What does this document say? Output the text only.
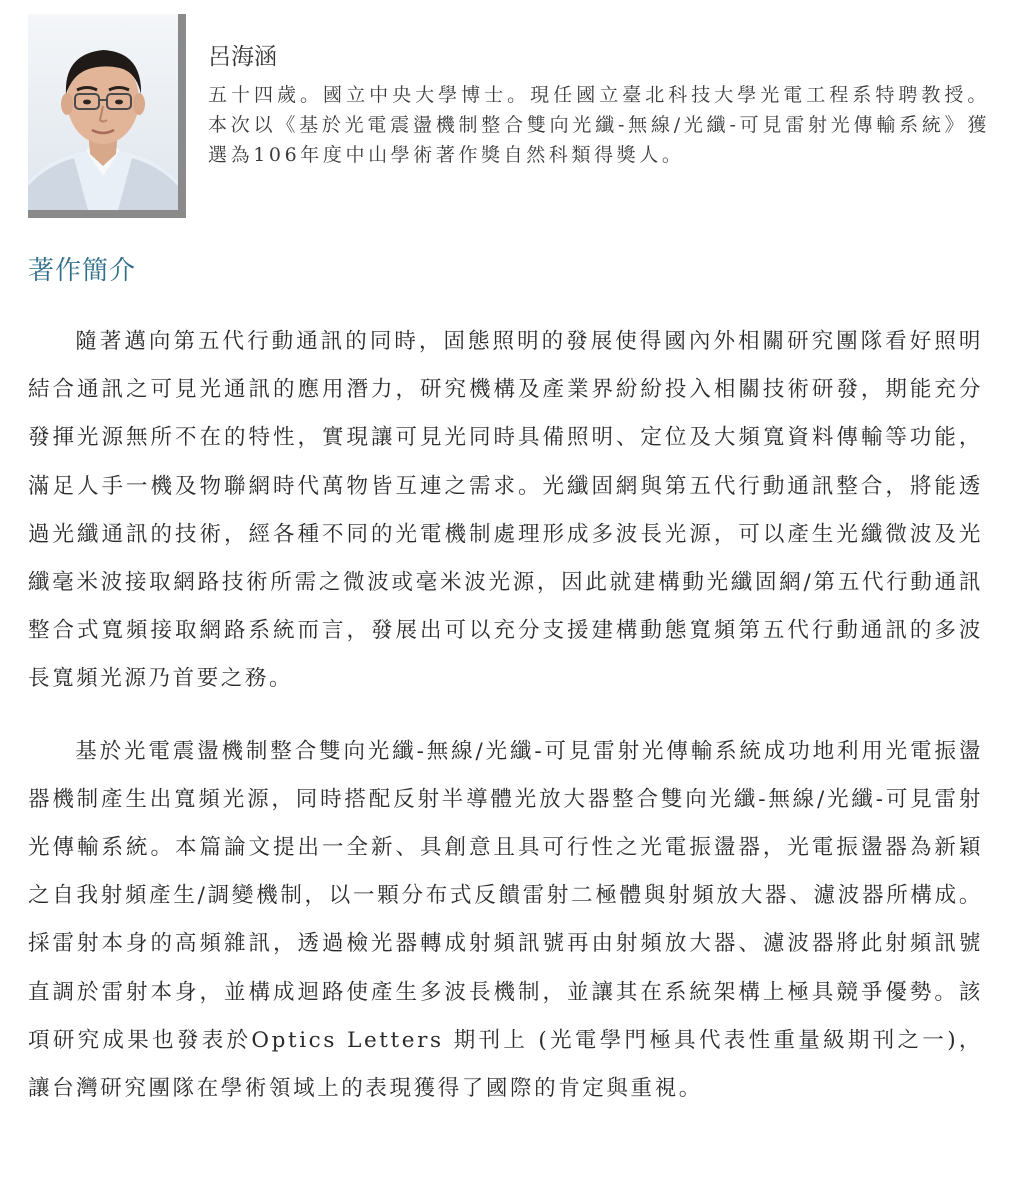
呂海涵

五十四歲。國立中央大學博士。現任國立臺北科技大學光電工程系特聘教授。本次以《基於光電震盪機制整合雙向光纖-無線/光纖-可見雷射光傳輸系統》獲選為106年度中山學術著作獎自然科類得獎人。

著作簡介

隨著邁向第五代行動通訊的同時，固態照明的發展使得國內外相關研究團隊看好照明結合通訊之可見光通訊的應用潛力，研究機構及產業界紛紛投入相關技術研發，期能充分發揮光源無所不在的特性，實現讓可見光同時具備照明、定位及大頻寬資料傳輸等功能，滿足人手一機及物聯網時代萬物皆互連之需求。光纖固網與第五代行動通訊整合，將能透過光纖通訊的技術，經各種不同的光電機制處理形成多波長光源，可以產生光纖微波及光纖毫米波接取網路技術所需之微波或毫米波光源，因此就建構動光纖固網/第五代行動通訊整合式寬頻接取網路系統而言，發展出可以充分支援建構動態寬頻第五代行動通訊的多波長寬頻光源乃首要之務。

基於光電震盪機制整合雙向光纖-無線/光纖-可見雷射光傳輸系統成功地利用光電振盪器機制產生出寬頻光源，同時搭配反射半導體光放大器整合雙向光纖-無線/光纖-可見雷射光傳輸系統。本篇論文提出一全新、具創意且具可行性之光電振盪器，光電振盪器為新穎之自我射頻產生/調變機制，以一顆分布式反饋雷射二極體與射頻放大器、濾波器所構成。採雷射本身的高頻雜訊，透過檢光器轉成射頻訊號再由射頻放大器、濾波器將此射頻訊號直調於雷射本身，並構成迴路使產生多波長機制，並讓其在系統架構上極具競爭優勢。該項研究成果也發表於Optics Letters 期刊上 (光電學門極具代表性重量級期刊之一)，讓台灣研究團隊在學術領域上的表現獲得了國際的肯定與重視。
